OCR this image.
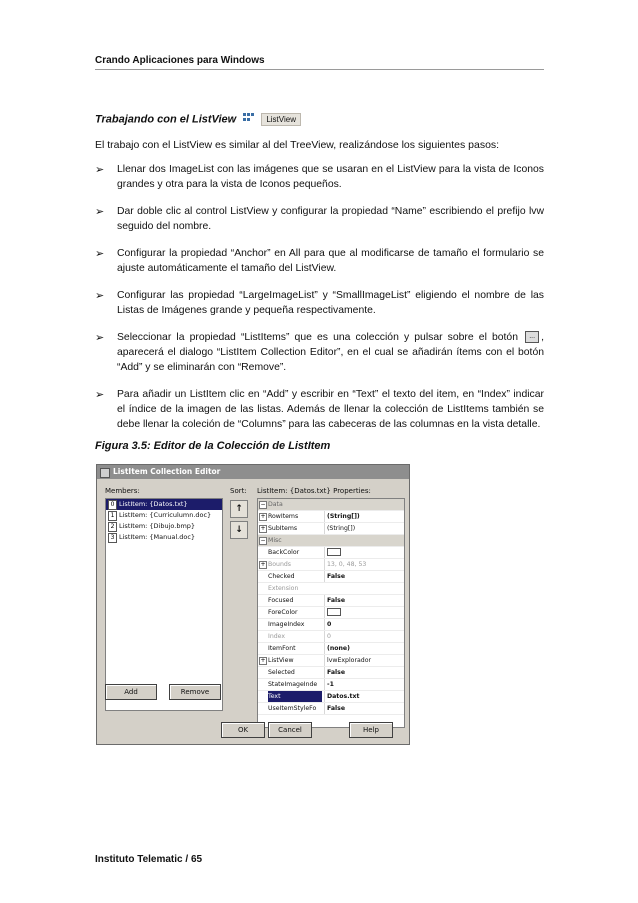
Crando Aplicaciones para Windows
Trabajando con el ListView	ListView
El trabajo con el ListView es similar al del TreeView, realizándose los siguientes pasos:
➢ Llenar dos ImageList con las imágenes que se usaran en el ListView para la vista de Iconos grandes y otra para la vista de Iconos pequeños.
➢ Dar doble clic al control ListView y configurar la propiedad “Name” escribiendo el prefijo lvw seguido del nombre.
➢ Configurar la propiedad “Anchor” en All para que al modificarse de tamaño el formulario se ajuste automáticamente el tamaño del ListView.
➢ Configurar las propiedad “LargeImageList” y “SmallImageList” eligiendo el nombre de las Listas de Imágenes grande y pequeña respectivamente.
➢ Seleccionar la propiedad “ListItems” que es una colección y pulsar sobre el botón ... , aparecerá el dialogo “ListItem Collection Editor”, en el cual se añadirán ítems con el botón “Add” y se eliminarán con “Remove”.
➢ Para añadir un ListItem clic en “Add” y escribir en “Text” el texto del item, en “Index” indicar el índice de la imagen de las listas. Además de llenar la colección de ListItems también se debe llenar la coleción de “Columns” para las cabeceras de las columnas en la vista detalle.
Figura 3.5: Editor de la Colección de ListItem
ListItem Collection Editor
Members:	Sort: ListItem: {Datos.txt} Properties:
0 ListItem: {Datos.txt}
1 ListItem: {Curriculumn.doc}
2 ListItem: {Dibujo.bmp}
3 ListItem: {Manual.doc}
↑
↓
− Data
+ RowItems	(String[])
+ SubItems	(String[])
− Misc
BackColor
+ Bounds	13, 0, 48, 53
Checked	False
Extension
Focused	False
ForeColor
ImageIndex	0
Index	0
ItemFont	(none)
+ ListView	lvwExplorador
Selected	False
StateImageInde	-1
Text	Datos.txt
UseItemStyleFo	False
Add	Remove
OK	Cancel	Help
Instituto Telematic / 65
